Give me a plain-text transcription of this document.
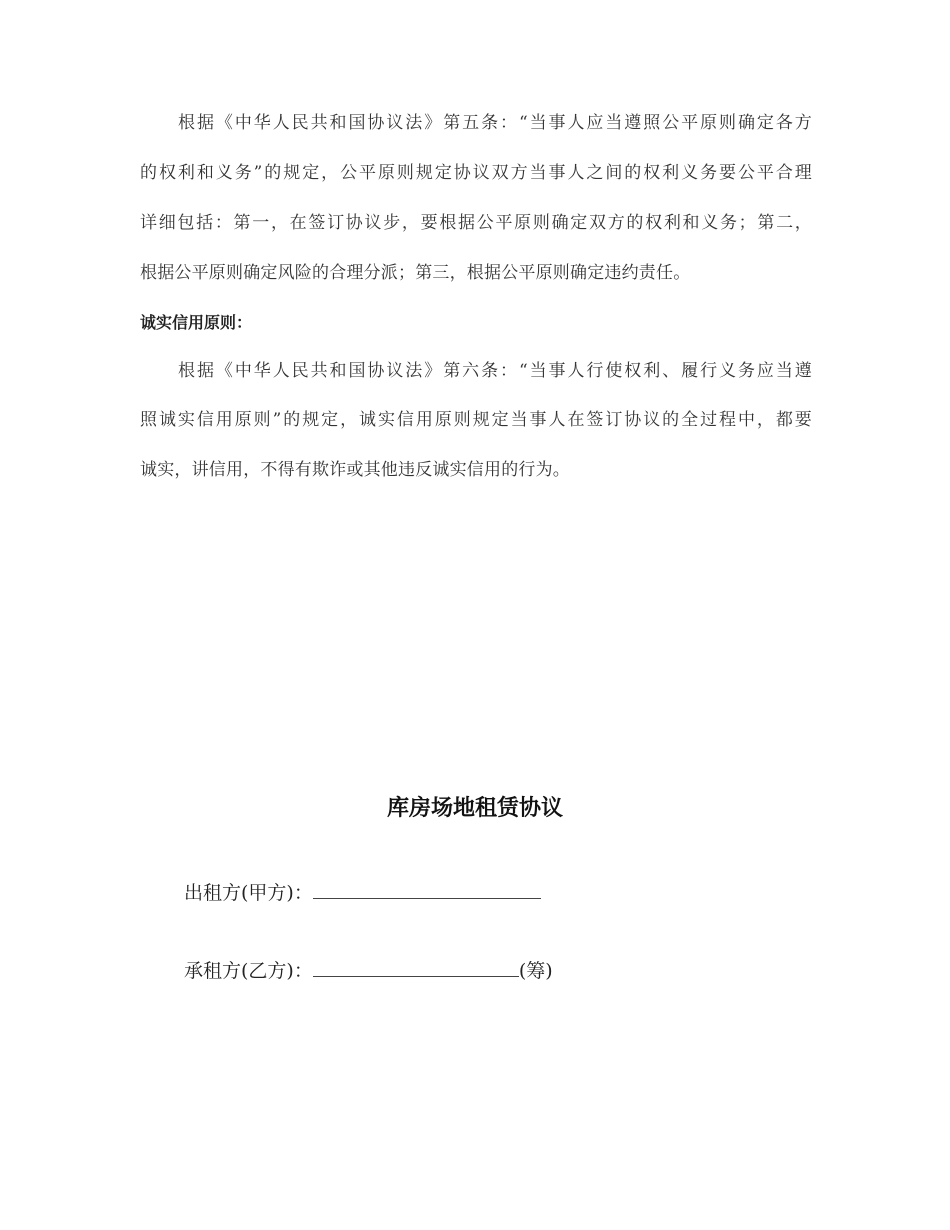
根据《中华人民共和国协议法》第五条：“当事人应当遵照公平原则确定各方
的权利和义务”的规定，公平原则规定协议双方当事人之间的权利义务要公平合理
详细包括：第一，在签订协议步，要根据公平原则确定双方的权利和义务；第二，
根据公平原则确定风险的合理分派；第三，根据公平原则确定违约责任。
诚实信用原则：
根据《中华人民共和国协议法》第六条：“当事人行使权利、履行义务应当遵
照诚实信用原则”的规定，诚实信用原则规定当事人在签订协议的全过程中，都要
诚实，讲信用，不得有欺诈或其他违反诚实信用的行为。
库房场地租赁协议
出租方(甲方)：
承租方(乙方)：	(筹)
